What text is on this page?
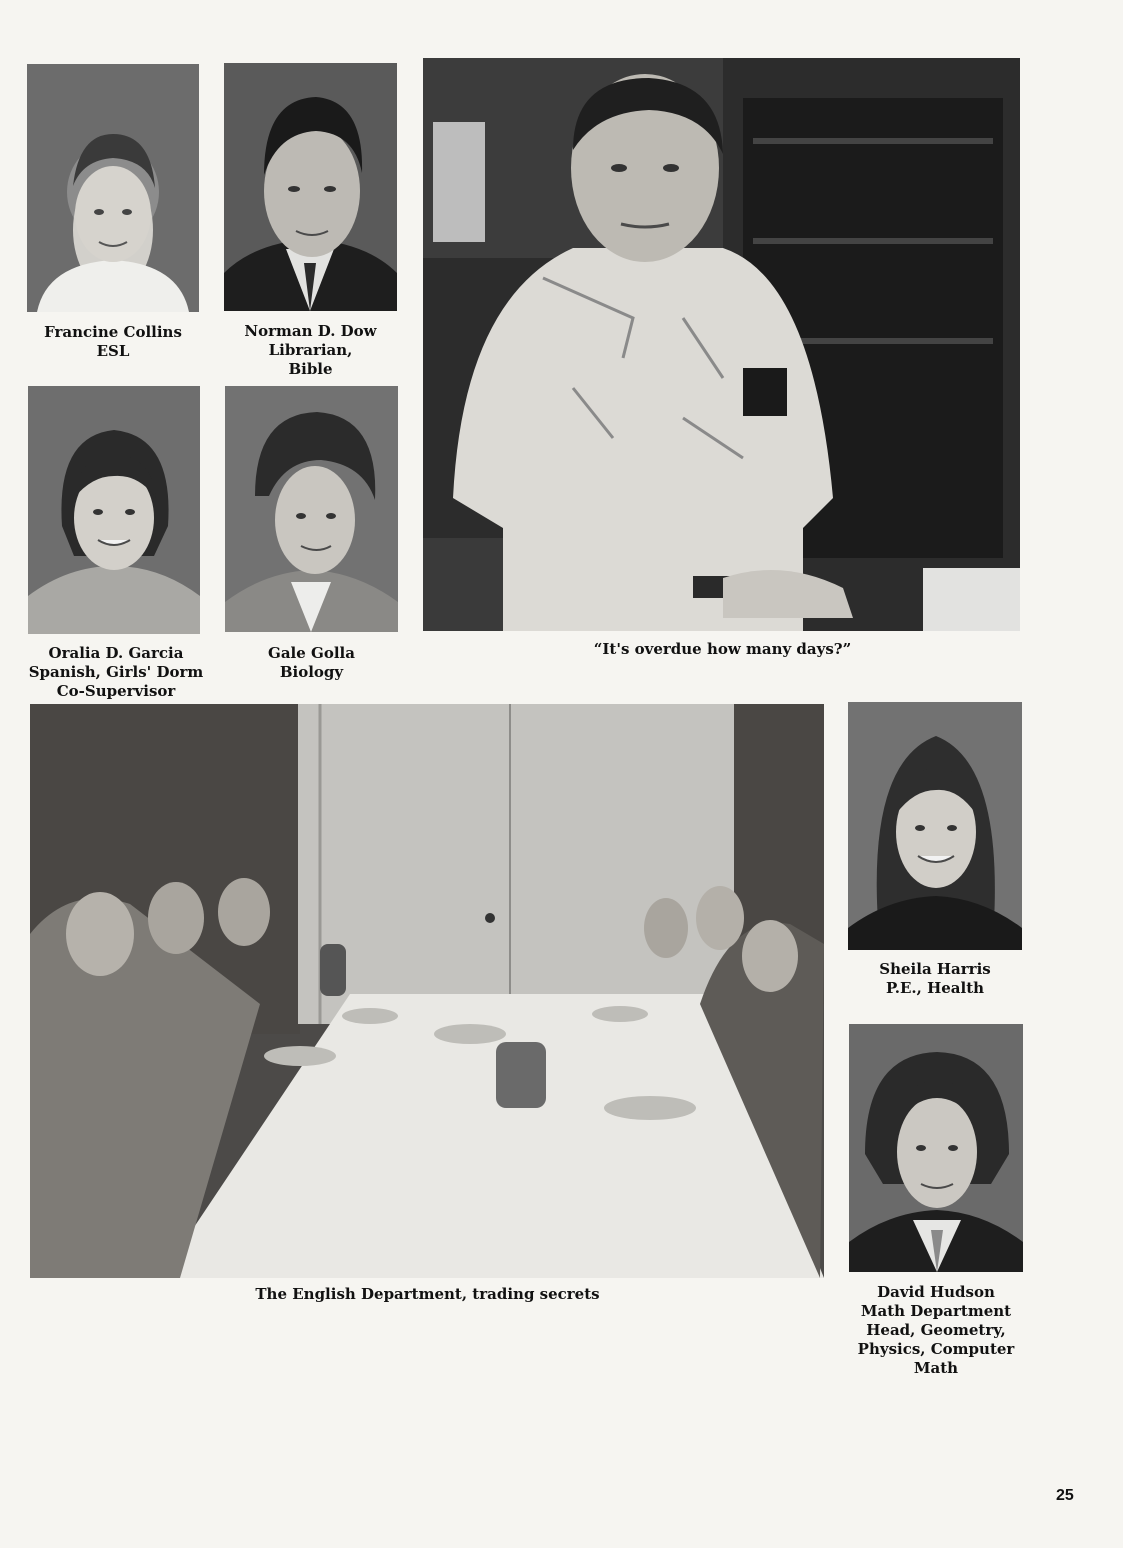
Francine Collins
ESL
Norman D. Dow
Librarian,
Bible
Oralia D. Garcia
Spanish, Girls' Dorm
Co-Supervisor
Gale Golla
Biology
“It's overdue how many days?”
The English Department, trading secrets
Sheila Harris
P.E., Health
David Hudson
Math Department
Head, Geometry,
Physics, Computer
Math
25
